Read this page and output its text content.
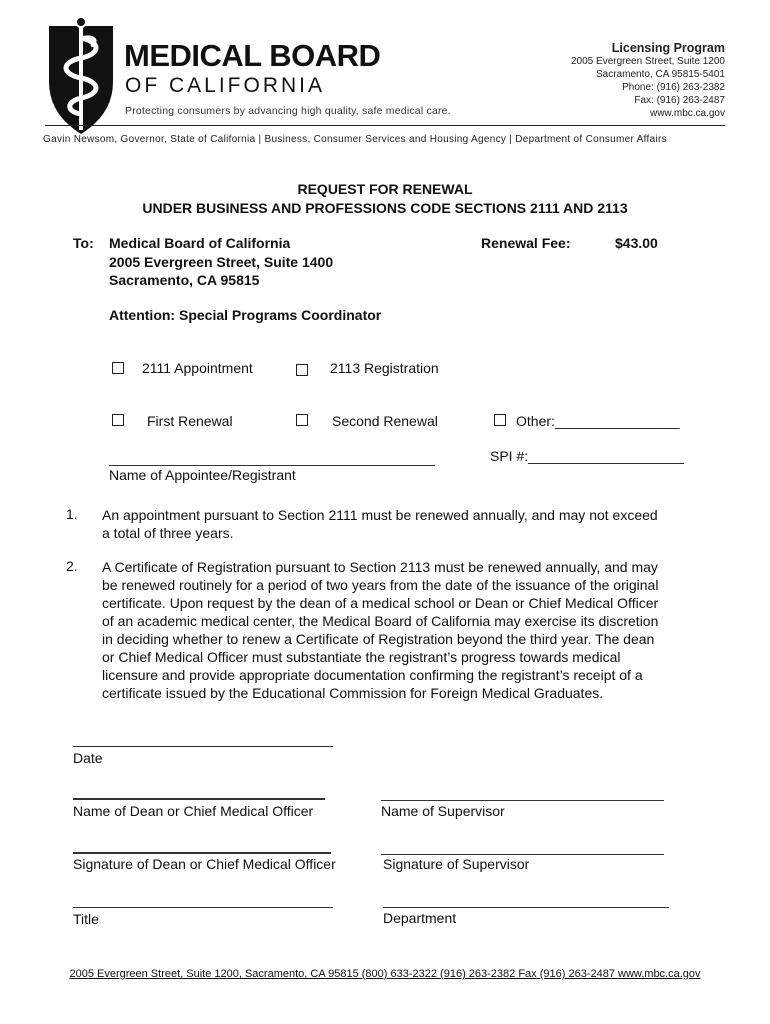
MEDICAL BOARD
OF CALIFORNIA
Protecting consumers by advancing high quality, safe medical care.
Licensing Program
2005 Evergreen Street, Suite 1200
Sacramento, CA 95815-5401
Phone: (916) 263-2382
Fax: (916) 263-2487
www.mbc.ca.gov
Gavin Newsom, Governor, State of California | Business, Consumer Services and Housing Agency | Department of Consumer Affairs
REQUEST FOR RENEWAL
UNDER BUSINESS AND PROFESSIONS CODE SECTIONS 2111 AND 2113
To: Medical Board of California
2005 Evergreen Street, Suite 1400
Sacramento, CA 95815
Renewal Fee:	$43.00
Attention: Special Programs Coordinator
2111 Appointment	2113 Registration
First Renewal	Second Renewal	Other:________________
Name of Appointee/Registrant
SPI #:____________________
1. An appointment pursuant to Section 2111 must be renewed annually, and may not exceed
a total of three years.
2. A Certificate of Registration pursuant to Section 2113 must be renewed annually, and may
be renewed routinely for a period of two years from the date of the issuance of the original
certificate. Upon request by the dean of a medical school or Dean or Chief Medical Officer
of an academic medical center, the Medical Board of California may exercise its discretion
in deciding whether to renew a Certificate of Registration beyond the third year. The dean
or Chief Medical Officer must substantiate the registrant’s progress towards medical
licensure and provide appropriate documentation confirming the registrant’s receipt of a
certificate issued by the Educational Commission for Foreign Medical Graduates.
Date
Name of Dean or Chief Medical Officer	Name of Supervisor
Signature of Dean or Chief Medical Officer	Signature of Supervisor
Title	Department
2005 Evergreen Street, Suite 1200, Sacramento, CA 95815 (800) 633-2322 (916) 263-2382 Fax (916) 263-2487 www.mbc.ca.gov
